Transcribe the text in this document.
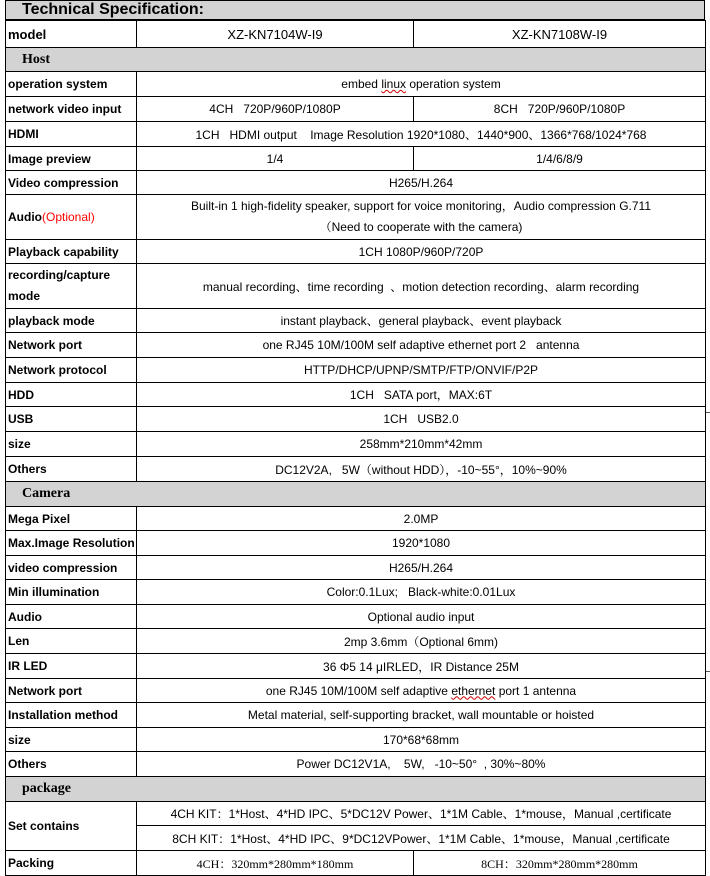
Technical Specification:
model	XZ-KN7104W-I9	XZ-KN7108W-I9
Host		
operation system	embed linux operation system	
network video input	4CH   720P/960P/1080P	8CH   720P/960P/1080P
HDMI	1CH   HDMI output    Image Resolution 1920*1080、1440*900、1366*768/1024*768	
Image preview	1/4	1/4/6/8/9
Video compression	H265/H.264	
Audio(Optional)	Built-in 1 high-fidelity speaker, support for voice monitoring，Audio compression G.711
（Need to cooperate with the camera)	

Playback capability	1CH 1080P/960P/720P	
recording/capture mode	manual recording、time recording  、motion detection recording、alarm recording	
playback mode	instant playback、general playback、event playback	
Network port	one RJ45 10M/100M self adaptive ethernet port 2   antenna	
Network protocol	HTTP/DHCP/UPNP/SMTP/FTP/ONVIF/P2P	
HDD	1CH   SATA port，MAX:6T	
USB	1CH   USB2.0	
size	258mm*210mm*42mm	
Others	DC12V2A,   5W（without HDD），-10~55°，10%~90%	
Camera		
Mega Pixel	2.0MP	
Max.Image Resolution	1920*1080	
video compression	H265/H.264	
Min illumination	Color:0.1Lux;   Black-white:0.01Lux	
Audio	Optional audio input	
Len	2mp 3.6mm（Optional 6mm)	
IR LED	36 Φ5 14 μIRLED，IR Distance 25M	
Network port	one RJ45 10M/100M self adaptive ethernet port 1 antenna	
Installation method	Metal material, self-supporting bracket, wall mountable or hoisted	
size	170*68*68mm	
Others	Power DC12V1A,    5W,   -10~50°  , 30%~80%	
package		
Set contains	4CH KIT：1*Host、4*HD IPC、5*DC12V Power、1*1M Cable、1*mouse，Manual ,certificate	
	8CH KIT：1*Host、4*HD IPC、9*DC12VPower、1*1M Cable、1*mouse，Manual ,certificate	
Packing	4CH：320mm*280mm*180mm	8CH：320mm*280mm*280mm
